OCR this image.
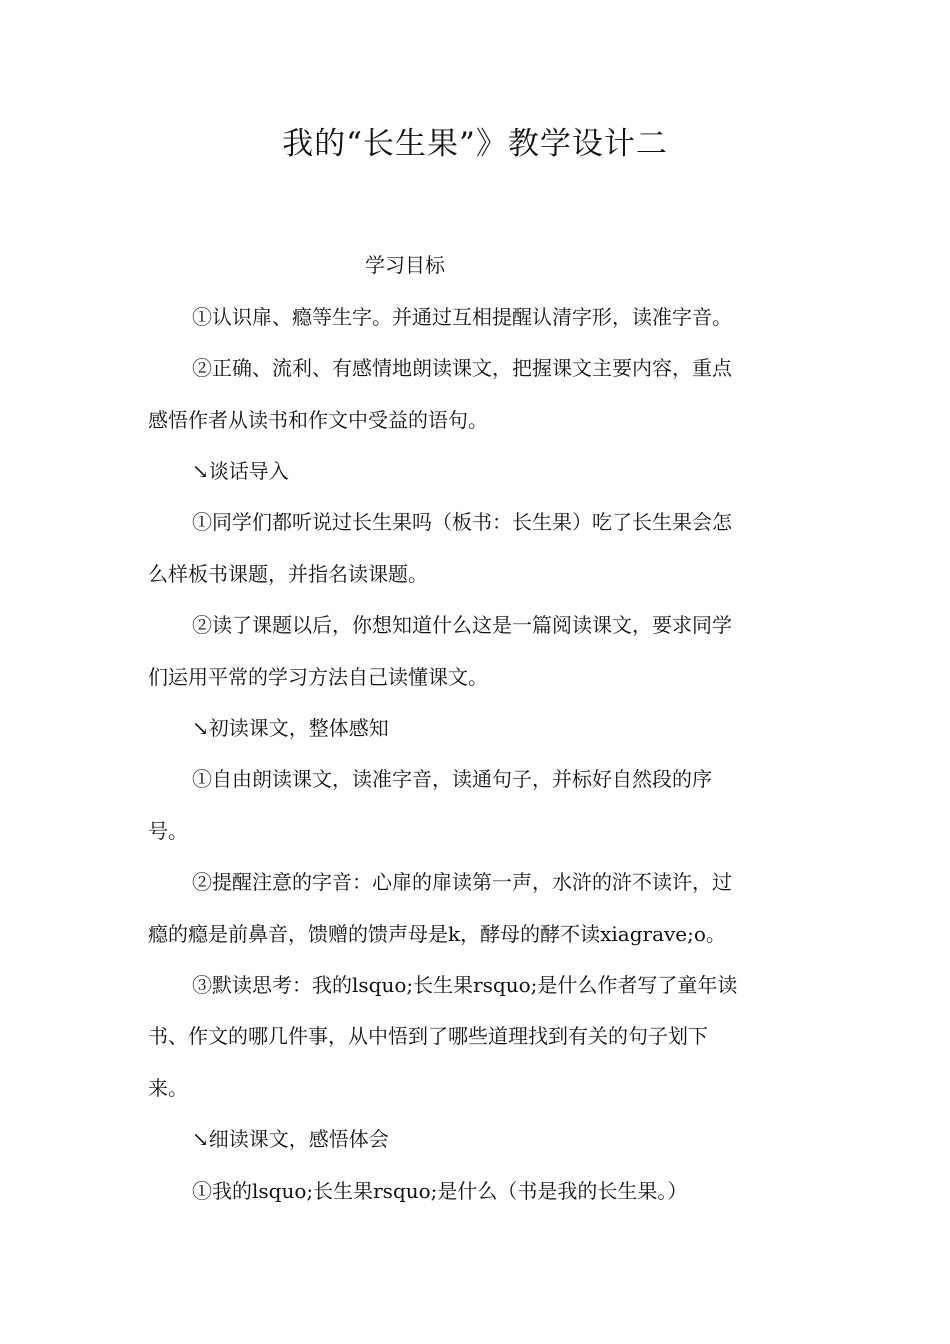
我的“长生果”》教学设计二
学习目标
①认识扉、瘾等生字。并通过互相提醒认清字形，读准字音。
②正确、流利、有感情地朗读课文，把握课文主要内容，重点
感悟作者从读书和作文中受益的语句。
↘谈话导入
①同学们都听说过长生果吗（板书：长生果）吃了长生果会怎
么样板书课题，并指名读课题。
②读了课题以后，你想知道什么这是一篇阅读课文，要求同学
们运用平常的学习方法自己读懂课文。
↘初读课文，整体感知
①自由朗读课文，读准字音，读通句子，并标好自然段的序
号。
②提醒注意的字音：心扉的扉读第一声，水浒的浒不读许，过
瘾的瘾是前鼻音，馈赠的馈声母是k，酵母的酵不读xiagrave;o。
③默读思考：我的lsquo;长生果rsquo;是什么作者写了童年读
书、作文的哪几件事，从中悟到了哪些道理找到有关的句子划下
来。
↘细读课文，感悟体会
①我的lsquo;长生果rsquo;是什么（书是我的长生果。）
